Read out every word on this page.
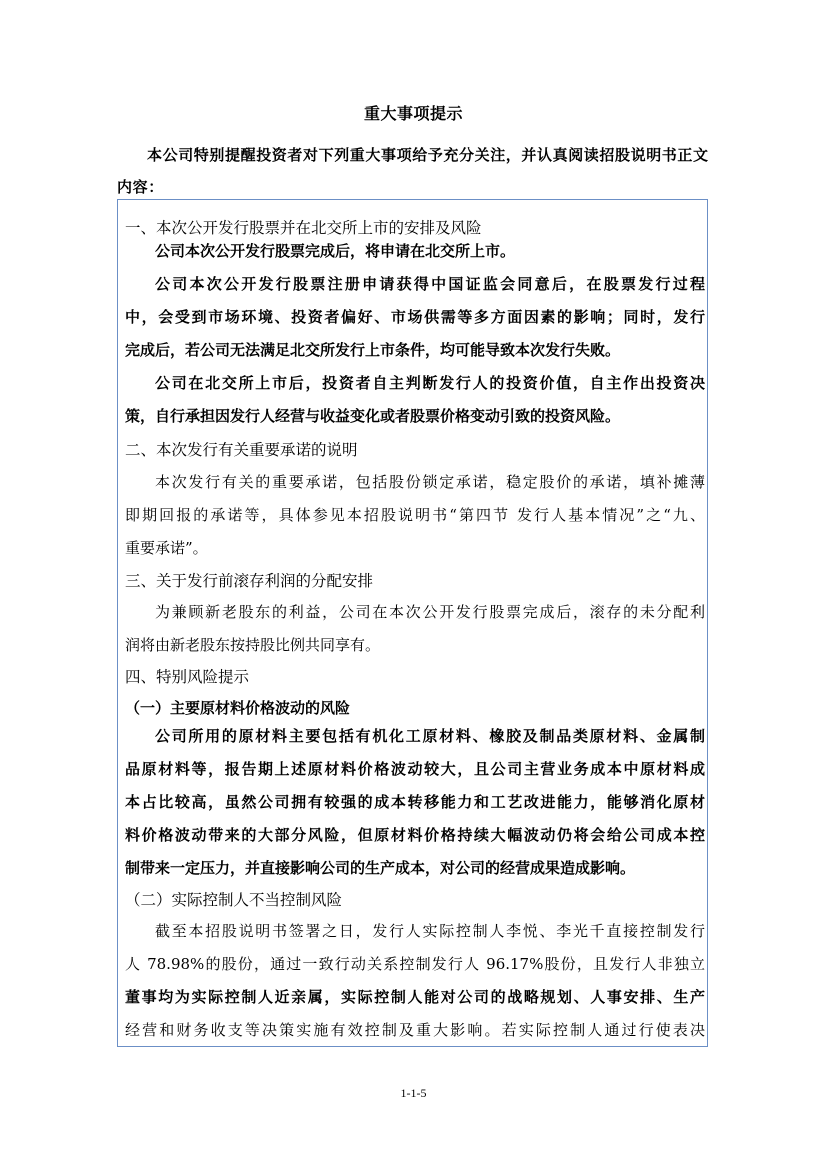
重大事项提示
本公司特别提醒投资者对下列重大事项给予充分关注，并认真阅读招股说明书正文内容：
一、本次公开发行股票并在北交所上市的安排及风险
公司本次公开发行股票完成后，将申请在北交所上市。
公司本次公开发行股票注册申请获得中国证监会同意后，在股票发行过程
中，会受到市场环境、投资者偏好、市场供需等多方面因素的影响；同时，发行
完成后，若公司无法满足北交所发行上市条件，均可能导致本次发行失败。
公司在北交所上市后，投资者自主判断发行人的投资价值，自主作出投资决
策，自行承担因发行人经营与收益变化或者股票价格变动引致的投资风险。
二、本次发行有关重要承诺的说明
本次发行有关的重要承诺，包括股份锁定承诺，稳定股价的承诺，填补摊薄
即期回报的承诺等，具体参见本招股说明书“第四节 发行人基本情况”之“九、
重要承诺”。
三、关于发行前滚存利润的分配安排
为兼顾新老股东的利益，公司在本次公开发行股票完成后，滚存的未分配利
润将由新老股东按持股比例共同享有。
四、特别风险提示
（一）主要原材料价格波动的风险
公司所用的原材料主要包括有机化工原材料、橡胶及制品类原材料、金属制
品原材料等，报告期上述原材料价格波动较大，且公司主营业务成本中原材料成
本占比较高，虽然公司拥有较强的成本转移能力和工艺改进能力，能够消化原材
料价格波动带来的大部分风险，但原材料价格持续大幅波动仍将会给公司成本控
制带来一定压力，并直接影响公司的生产成本，对公司的经营成果造成影响。
（二）实际控制人不当控制风险
截至本招股说明书签署之日，发行人实际控制人李悦、李光千直接控制发行
人 78.98%的股份，通过一致行动关系控制发行人 96.17%股份，且发行人非独立
董事均为实际控制人近亲属，实际控制人能对公司的战略规划、人事安排、生产
经营和财务收支等决策实施有效控制及重大影响。若实际控制人通过行使表决
1-1-5
